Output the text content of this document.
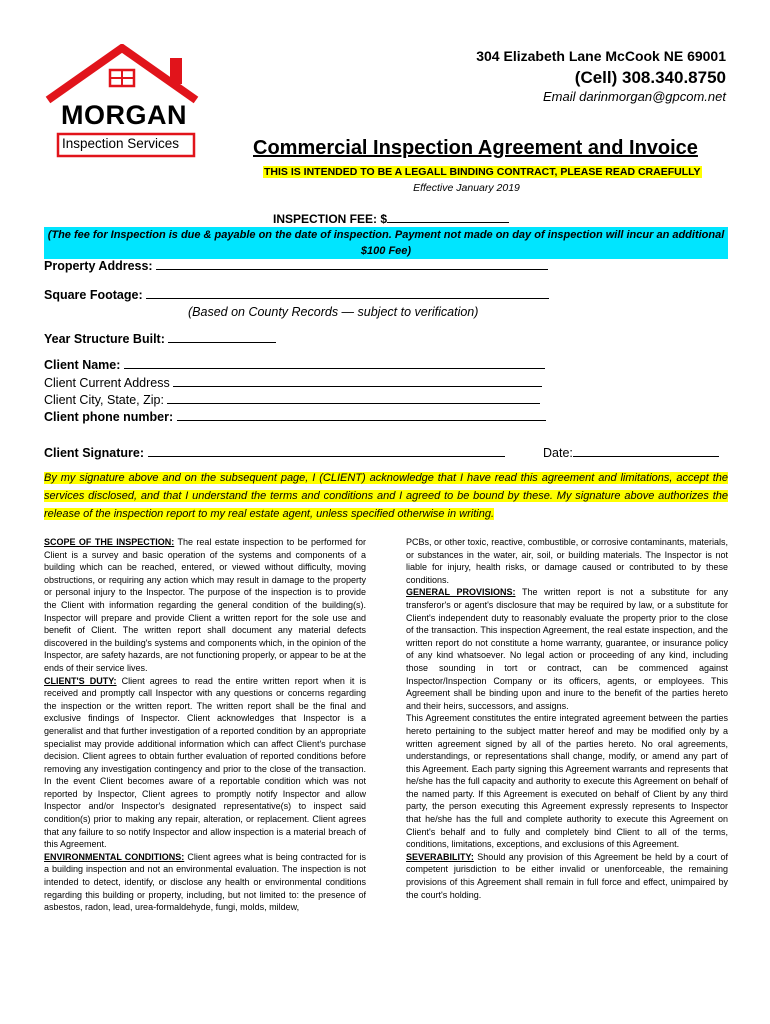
MORGAN
Inspection Services
304 Elizabeth Lane McCook NE 69001
(Cell) 308.340.8750
Email darinmorgan@gpcom.net
Commercial Inspection Agreement and Invoice
THIS IS INTENDED TO BE A LEGALL BINDING CONTRACT, PLEASE READ CRAEFULLY
Effective January 2019
INSPECTION FEE: $
(The fee for Inspection is due & payable on the date of inspection. Payment not made on day of inspection will incur an additional $100 Fee)
Property Address:
Square Footage:
(Based on County Records — subject to verification)
Year Structure Built:
Client Name:
Client Current Address
Client City, State, Zip:
Client phone number:
Client Signature:	Date:
By my signature above and on the subsequent page, I (CLIENT) acknowledge that I have read this agreement and limitations, accept the services disclosed, and that I understand the terms and conditions and I agreed to be bound by these. My signature above authorizes the release of the inspection report to my real estate agent, unless specified otherwise in writing.

SCOPE OF THE INSPECTION: The real estate inspection to be performed for Client is a survey and basic operation of the systems and components of a building which can be reached, entered, or viewed without difficulty, moving obstructions, or requiring any action which may result in damage to the property or personal injury to the Inspector. The purpose of the inspection is to provide the Client with information regarding the general condition of the building(s). Inspector will prepare and provide Client a written report for the sole use and benefit of Client. The written report shall document any material defects discovered in the building's systems and components which, in the opinion of the Inspector, are safety hazards, are not functioning properly, or appear to be at the ends of their service lives.

CLIENT'S DUTY: Client agrees to read the entire written report when it is received and promptly call Inspector with any questions or concerns regarding the inspection or the written report. The written report shall be the final and exclusive findings of Inspector. Client acknowledges that Inspector is a generalist and that further investigation of a reported condition by an appropriate specialist may provide additional information which can affect Client's purchase decision. Client agrees to obtain further evaluation of reported conditions before removing any investigation contingency and prior to the close of the transaction. In the event Client becomes aware of a reportable condition which was not reported by Inspector, Client agrees to promptly notify Inspector and allow Inspector and/or Inspector's designated representative(s) to inspect said condition(s) prior to making any repair, alteration, or replacement. Client agrees that any failure to so notify Inspector and allow inspection is a material breach of this Agreement.

ENVIRONMENTAL CONDITIONS: Client agrees what is being contracted for is a building inspection and not an environmental evaluation. The inspection is not intended to detect, identify, or disclose any health or environmental conditions regarding this building or property, including, but not limited to: the presence of asbestos, radon, lead, urea-formaldehyde, fungi, molds, mildew,

PCBs, or other toxic, reactive, combustible, or corrosive contaminants, materials, or substances in the water, air, soil, or building materials. The Inspector is not liable for injury, health risks, or damage caused or contributed to by these conditions.

GENERAL PROVISIONS: The written report is not a substitute for any transferor's or agent's disclosure that may be required by law, or a substitute for Client's independent duty to reasonably evaluate the property prior to the close of the transaction. This inspection Agreement, the real estate inspection, and the written report do not constitute a home warranty, guarantee, or insurance policy of any kind whatsoever. No legal action or proceeding of any kind, including those sounding in tort or contract, can be commenced against Inspector/Inspection Company or its officers, agents, or employees. This Agreement shall be binding upon and inure to the benefit of the parties hereto and their heirs, successors, and assigns.

This Agreement constitutes the entire integrated agreement between the parties hereto pertaining to the subject matter hereof and may be modified only by a written agreement signed by all of the parties hereto. No oral agreements, understandings, or representations shall change, modify, or amend any part of this Agreement. Each party signing this Agreement warrants and represents that he/she has the full capacity and authority to execute this Agreement on behalf of the named party. If this Agreement is executed on behalf of Client by any third party, the person executing this Agreement expressly represents to Inspector that he/she has the full and complete authority to execute this Agreement on Client's behalf and to fully and completely bind Client to all of the terms, conditions, limitations, exceptions, and exclusions of this Agreement.

SEVERABILITY: Should any provision of this Agreement be held by a court of competent jurisdiction to be either invalid or unenforceable, the remaining provisions of this Agreement shall remain in full force and effect, unimpaired by the court's holding.
